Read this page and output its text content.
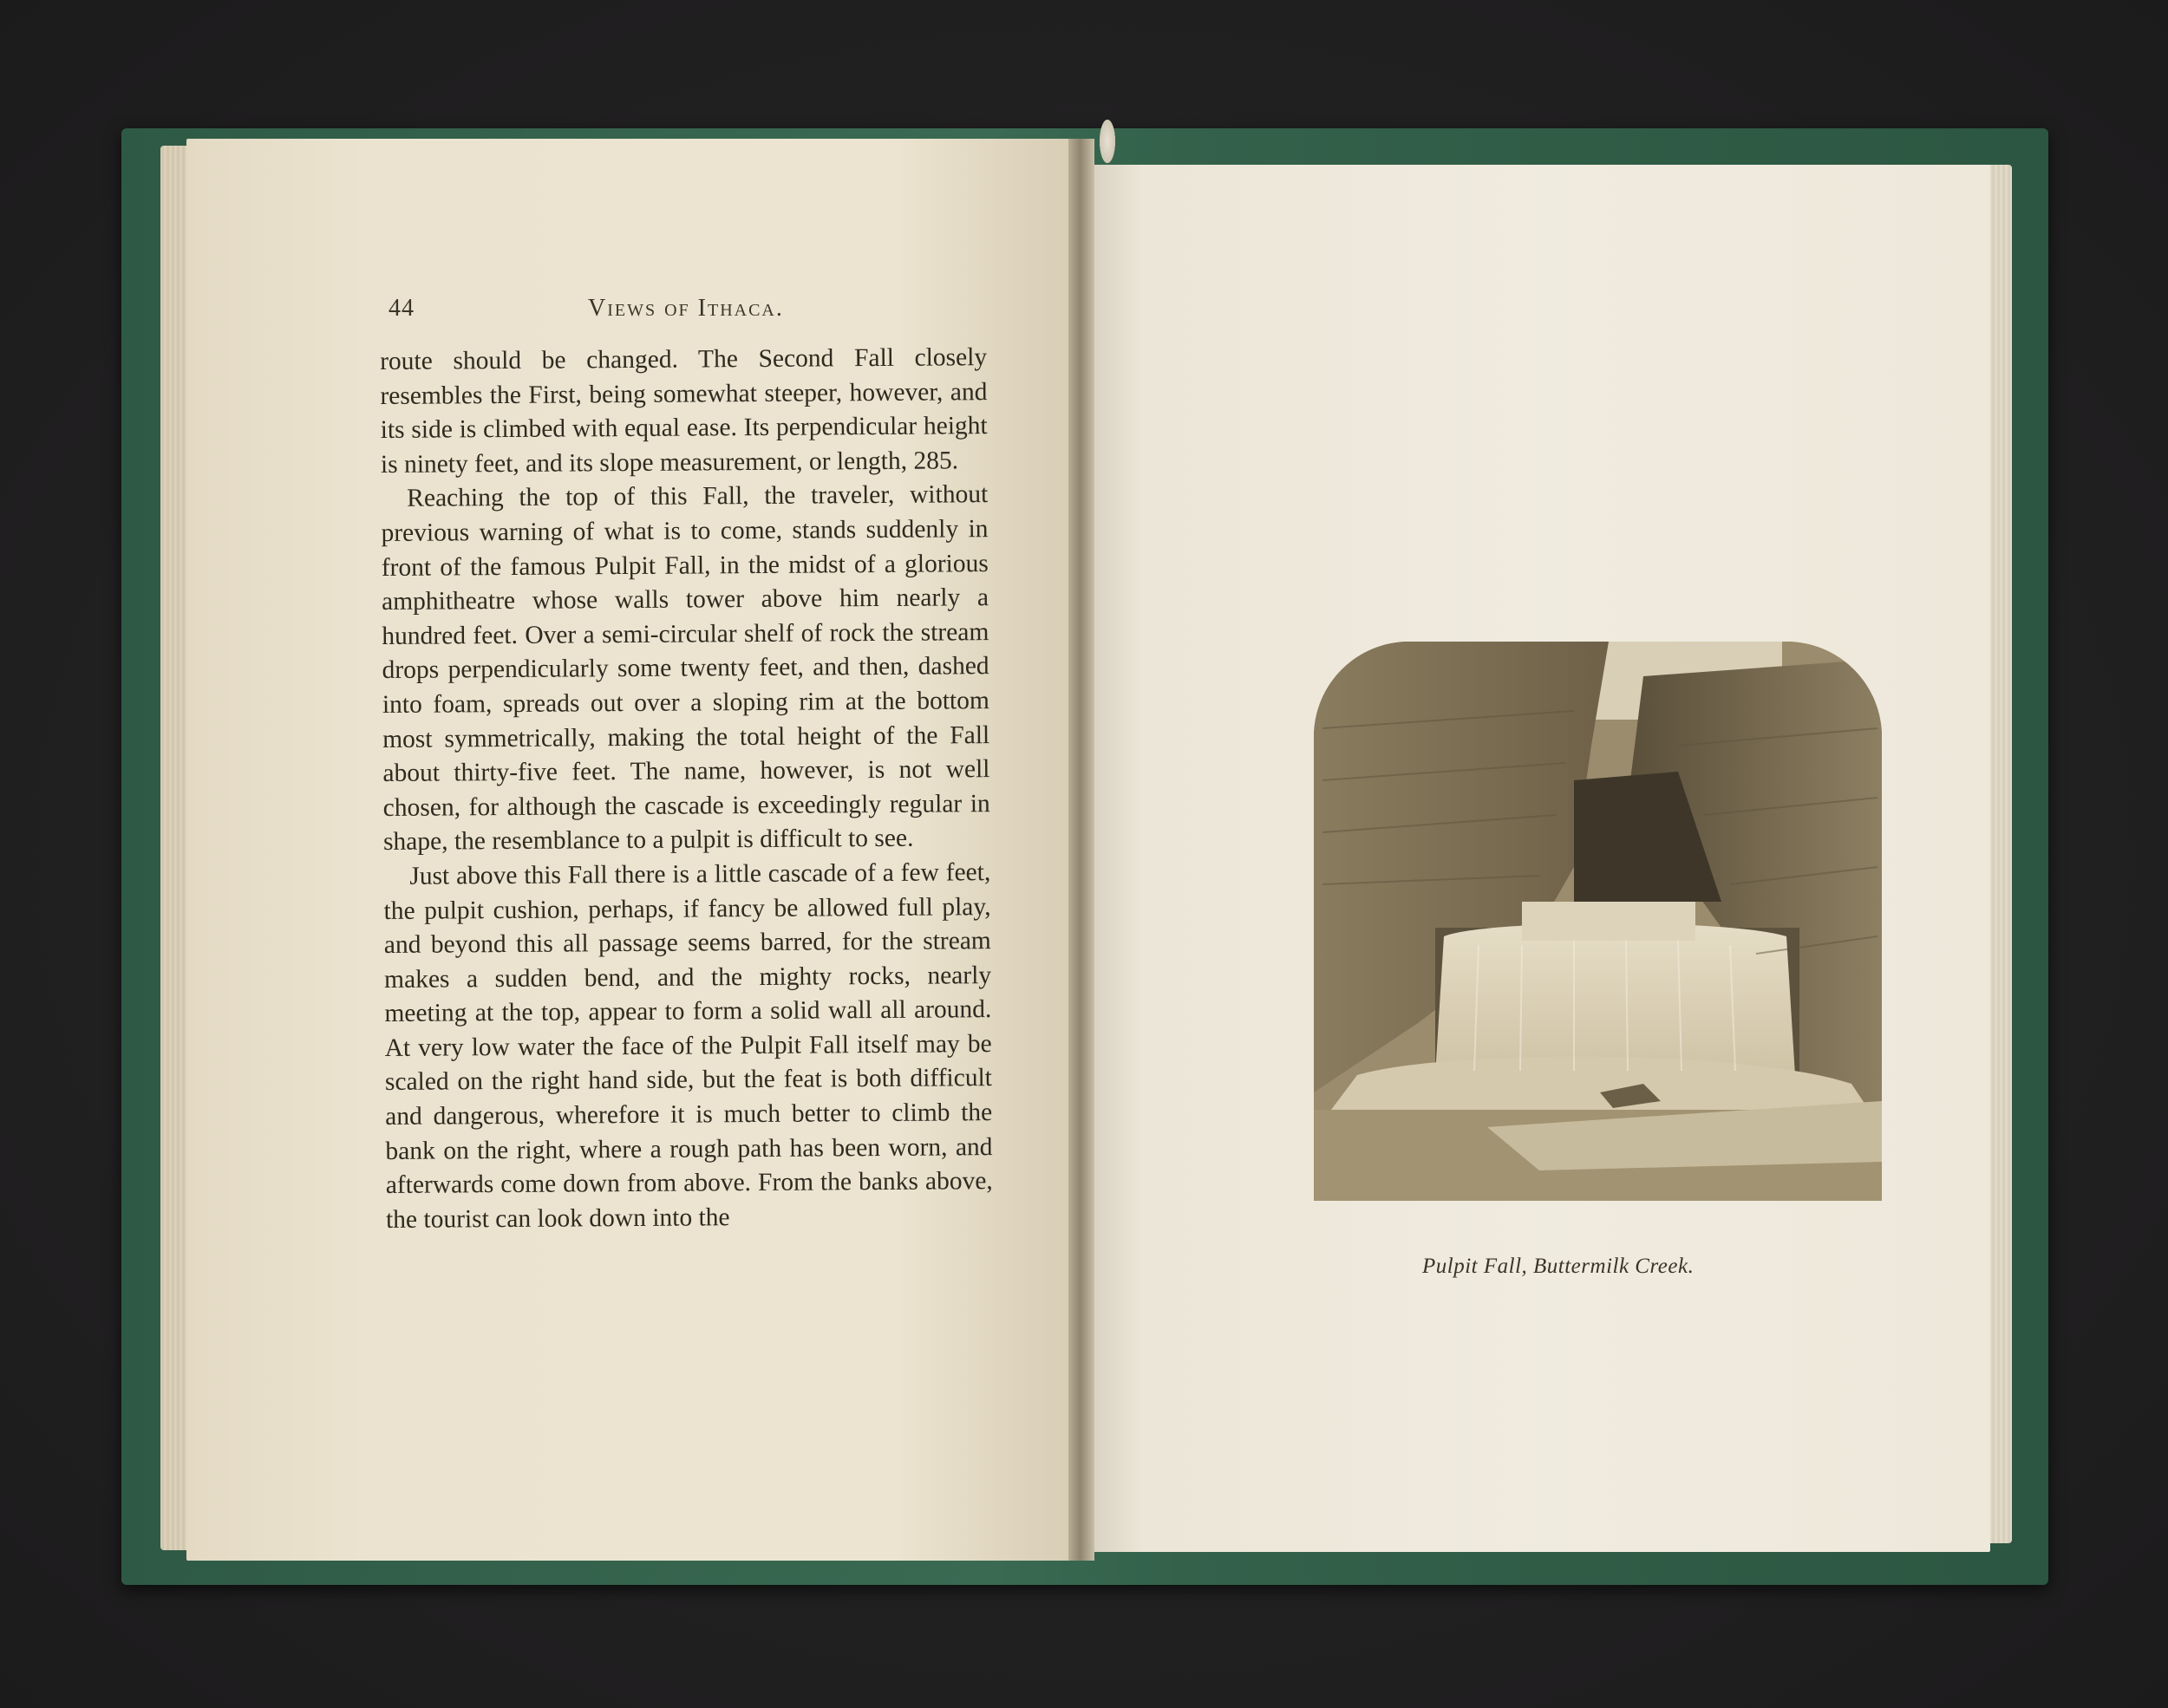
44	Views of Ithaca.

route should be changed. The Second Fall closely resembles the First, being somewhat steeper, however, and its side is climbed with equal ease. Its perpendicular height is ninety feet, and its slope measurement, or length, 285.

Reaching the top of this Fall, the traveler, without previous warning of what is to come, stands suddenly in front of the famous Pulpit Fall, in the midst of a glorious amphitheatre whose walls tower above him nearly a hundred feet. Over a semi-circular shelf of rock the stream drops perpendicularly some twenty feet, and then, dashed into foam, spreads out over a sloping rim at the bottom most symmetrically, making the total height of the Fall about thirty-five feet. The name, however, is not well chosen, for although the cascade is exceedingly regular in shape, the resemblance to a pulpit is difficult to see.

Just above this Fall there is a little cascade of a few feet, the pulpit cushion, perhaps, if fancy be allowed full play, and beyond this all passage seems barred, for the stream makes a sudden bend, and the mighty rocks, nearly meeting at the top, appear to form a solid wall all around. At very low water the face of the Pulpit Fall itself may be scaled on the right hand side, but the feat is both difficult and dangerous, wherefore it is much better to climb the bank on the right, where a rough path has been worn, and afterwards come down from above. From the banks above, the tourist can look down into the

Pulpit Fall, Buttermilk Creek.
